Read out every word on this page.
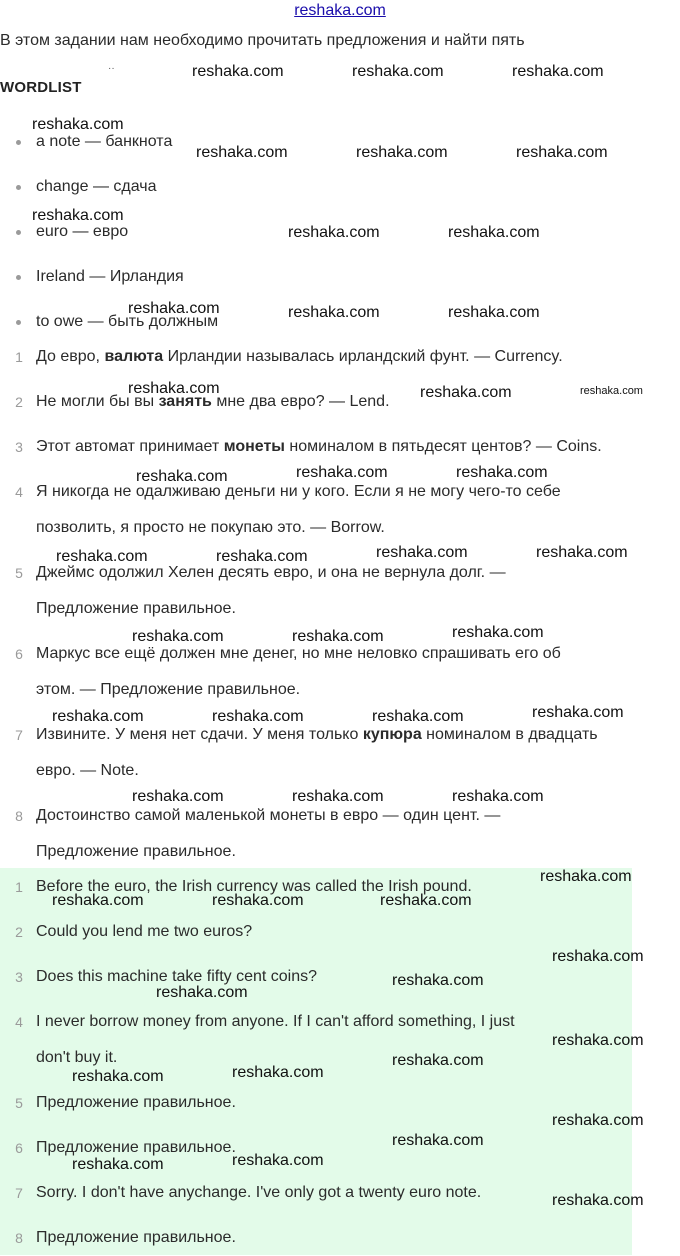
reshaka.com
В этом задании нам необходимо прочитать предложения и найти пять
··
WORDLIST
a note — банкнота
change — сдача
euro — евро
Ireland — Ирландия
to owe — быть должным
1 До евро, валюта Ирландии называлась ирландский фунт. — Currency.
2 Не могли бы вы занять мне два евро? — Lend.
3 Этот автомат принимает монеты номиналом в пятьдесят центов? — Coins.
4 Я никогда не одалживаю деньги ни у кого. Если я не могу чего-то себе
позволить, я просто не покупаю это. — Borrow.
5 Джеймс одолжил Хелен десять евро, и она не вернула долг. —
Предложение правильное.
6 Маркус все ещё должен мне денег, но мне неловко спрашивать его об
этом. — Предложение правильное.
7 Извините. У меня нет сдачи. У меня только купюра номиналом в двадцать
евро. — Note.
8 Достоинство самой маленькой монеты в евро — один цент. —
Предложение правильное.
1 Before the euro, the Irish currency was called the Irish pound.
2 Could you lend me two euros?
3 Does this machine take fifty cent coins?
4 I never borrow money from anyone. If I can't afford something, I just
don't buy it.
5 Предложение правильное.
6 Предложение правильное.
7 Sorry. I don't have anychange. I've only got a twenty euro note.
8 Предложение правильное.
reshaka.com	reshaka.com	reshaka.com
reshaka.com
reshaka.com	reshaka.com	reshaka.com
reshaka.com
reshaka.com	reshaka.com
reshaka.com	reshaka.com	reshaka.com
reshaka.com	reshaka.com	reshaka.com
reshaka.com	reshaka.com	reshaka.com
reshaka.com	reshaka.com	reshaka.com	reshaka.com
reshaka.com	reshaka.com	reshaka.com
reshaka.com	reshaka.com	reshaka.com	reshaka.com
reshaka.com	reshaka.com	reshaka.com
reshaka.com
reshaka.com	reshaka.com	reshaka.com
reshaka.com
reshaka.com
reshaka.com
reshaka.com
reshaka.com
reshaka.com
reshaka.com
reshaka.com
reshaka.com
reshaka.com
reshaka.com
reshaka.com
